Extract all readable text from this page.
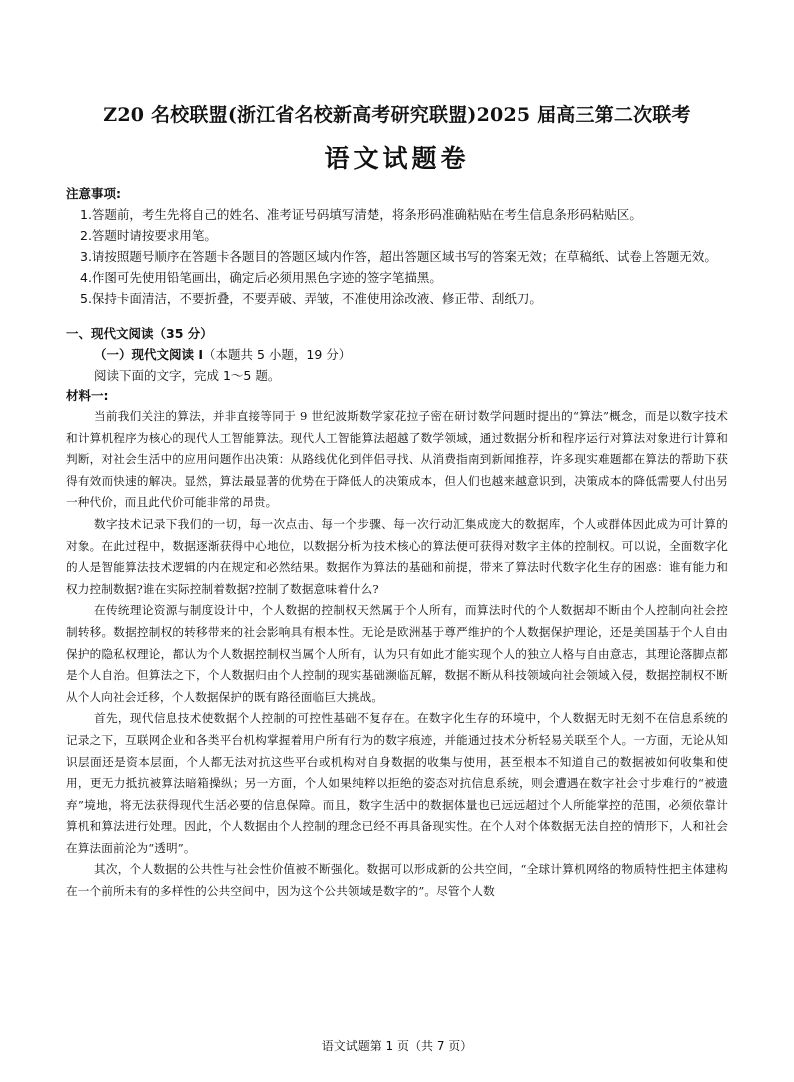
Z20 名校联盟(浙江省名校新高考研究联盟)2025 届高三第二次联考
语文试题卷
注意事项:
1.答题前，考生先将自己的姓名、准考证号码填写清楚，将条形码准确粘贴在考生信息条形码粘贴区。
2.答题时请按要求用笔。
3.请按照题号顺序在答题卡各题目的答题区域内作答，超出答题区域书写的答案无效；在草稿纸、试卷上答题无效。
4.作图可先使用铅笔画出，确定后必须用黑色字迹的签字笔描黑。
5.保持卡面清洁，不要折叠，不要弄破、弄皱，不准使用涂改液、修正带、刮纸刀。
一、现代文阅读（35 分）
（一）现代文阅读 I（本题共 5 小题，19 分）
阅读下面的文字，完成 1～5 题。
材料一:

当前我们关注的算法，并非直接等同于 9 世纪波斯数学家花拉子密在研讨数学问题时提出的“算法”概念，而是以数字技术和计算机程序为核心的现代人工智能算法。现代人工智能算法超越了数学领域，通过数据分析和程序运行对算法对象进行计算和判断，对社会生活中的应用问题作出决策：从路线优化到伴侣寻找、从消费指南到新闻推荐，许多现实难题都在算法的帮助下获得有效而快速的解决。显然，算法最显著的优势在于降低人的决策成本，但人们也越来越意识到，决策成本的降低需要人付出另一种代价，而且此代价可能非常的昂贵。

数字技术记录下我们的一切，每一次点击、每一个步骤、每一次行动汇集成庞大的数据库，个人或群体因此成为可计算的对象。在此过程中，数据逐渐获得中心地位，以数据分析为技术核心的算法便可获得对数字主体的控制权。可以说，全面数字化的人是智能算法技术逻辑的内在规定和必然结果。数据作为算法的基础和前提，带来了算法时代数字化生存的困惑：谁有能力和权力控制数据?谁在实际控制着数据?控制了数据意味着什么?

在传统理论资源与制度设计中，个人数据的控制权天然属于个人所有，而算法时代的个人数据却不断由个人控制向社会控制转移。数据控制权的转移带来的社会影响具有根本性。无论是欧洲基于尊严维护的个人数据保护理论，还是美国基于个人自由保护的隐私权理论，都认为个人数据控制权当属个人所有，认为只有如此才能实现个人的独立人格与自由意志，其理论落脚点都是个人自治。但算法之下，个人数据归由个人控制的现实基础濒临瓦解，数据不断从科技领域向社会领域入侵，数据控制权不断从个人向社会迁移，个人数据保护的既有路径面临巨大挑战。

首先，现代信息技术使数据个人控制的可控性基础不复存在。在数字化生存的环境中，个人数据无时无刻不在信息系统的记录之下，互联网企业和各类平台机构掌握着用户所有行为的数字痕迹，并能通过技术分析轻易关联至个人。一方面，无论从知识层面还是资本层面，个人都无法对抗这些平台或机构对自身数据的收集与使用，甚至根本不知道自己的数据被如何收集和使用，更无力抵抗被算法暗箱操纵；另一方面，个人如果纯粹以拒绝的姿态对抗信息系统，则会遭遇在数字社会寸步难行的“被遗弃”境地，将无法获得现代生活必要的信息保障。而且，数字生活中的数据体量也已远远超过个人所能掌控的范围，必须依靠计算机和算法进行处理。因此，个人数据由个人控制的理念已经不再具备现实性。在个人对个体数据无法自控的情形下，人和社会在算法面前沦为“透明”。

其次，个人数据的公共性与社会性价值被不断强化。数据可以形成新的公共空间，“全球计算机网络的物质特性把主体建构在一个前所未有的多样性的公共空间中，因为这个公共领域是数字的”。尽管个人数

语文试题第 1 页（共 7 页）
